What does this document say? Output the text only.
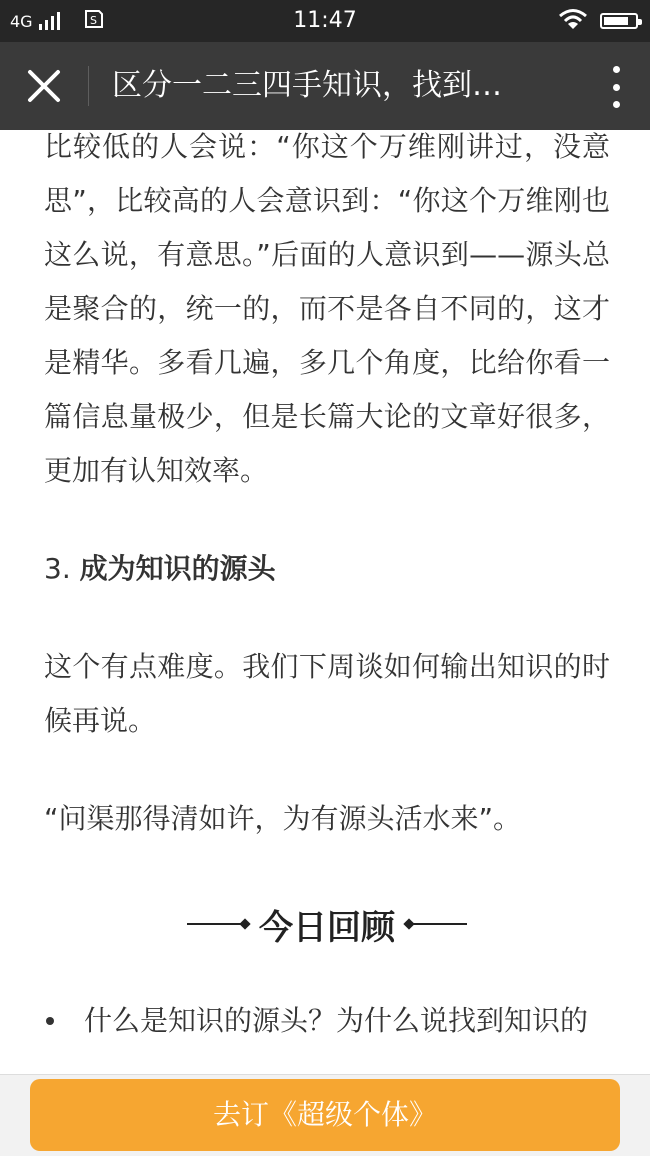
4G	S	11:47
区分一二三四手知识，找到…

比较低的人会说：“你这个万维刚讲过，没意思”，比较高的人会意识到：“你这个万维刚也这么说，有意思。”后面的人意识到——源头总是聚合的，统一的，而不是各自不同的，这才是精华。多看几遍，多几个角度，比给你看一篇信息量极少，但是长篇大论的文章好很多，更加有认知效率。

3. 成为知识的源头

这个有点难度。我们下周谈如何输出知识的时候再说。

“问渠那得清如许，为有源头活水来”。

今日回顾
什么是知识的源头？为什么说找到知识的
去订《超级个体》
